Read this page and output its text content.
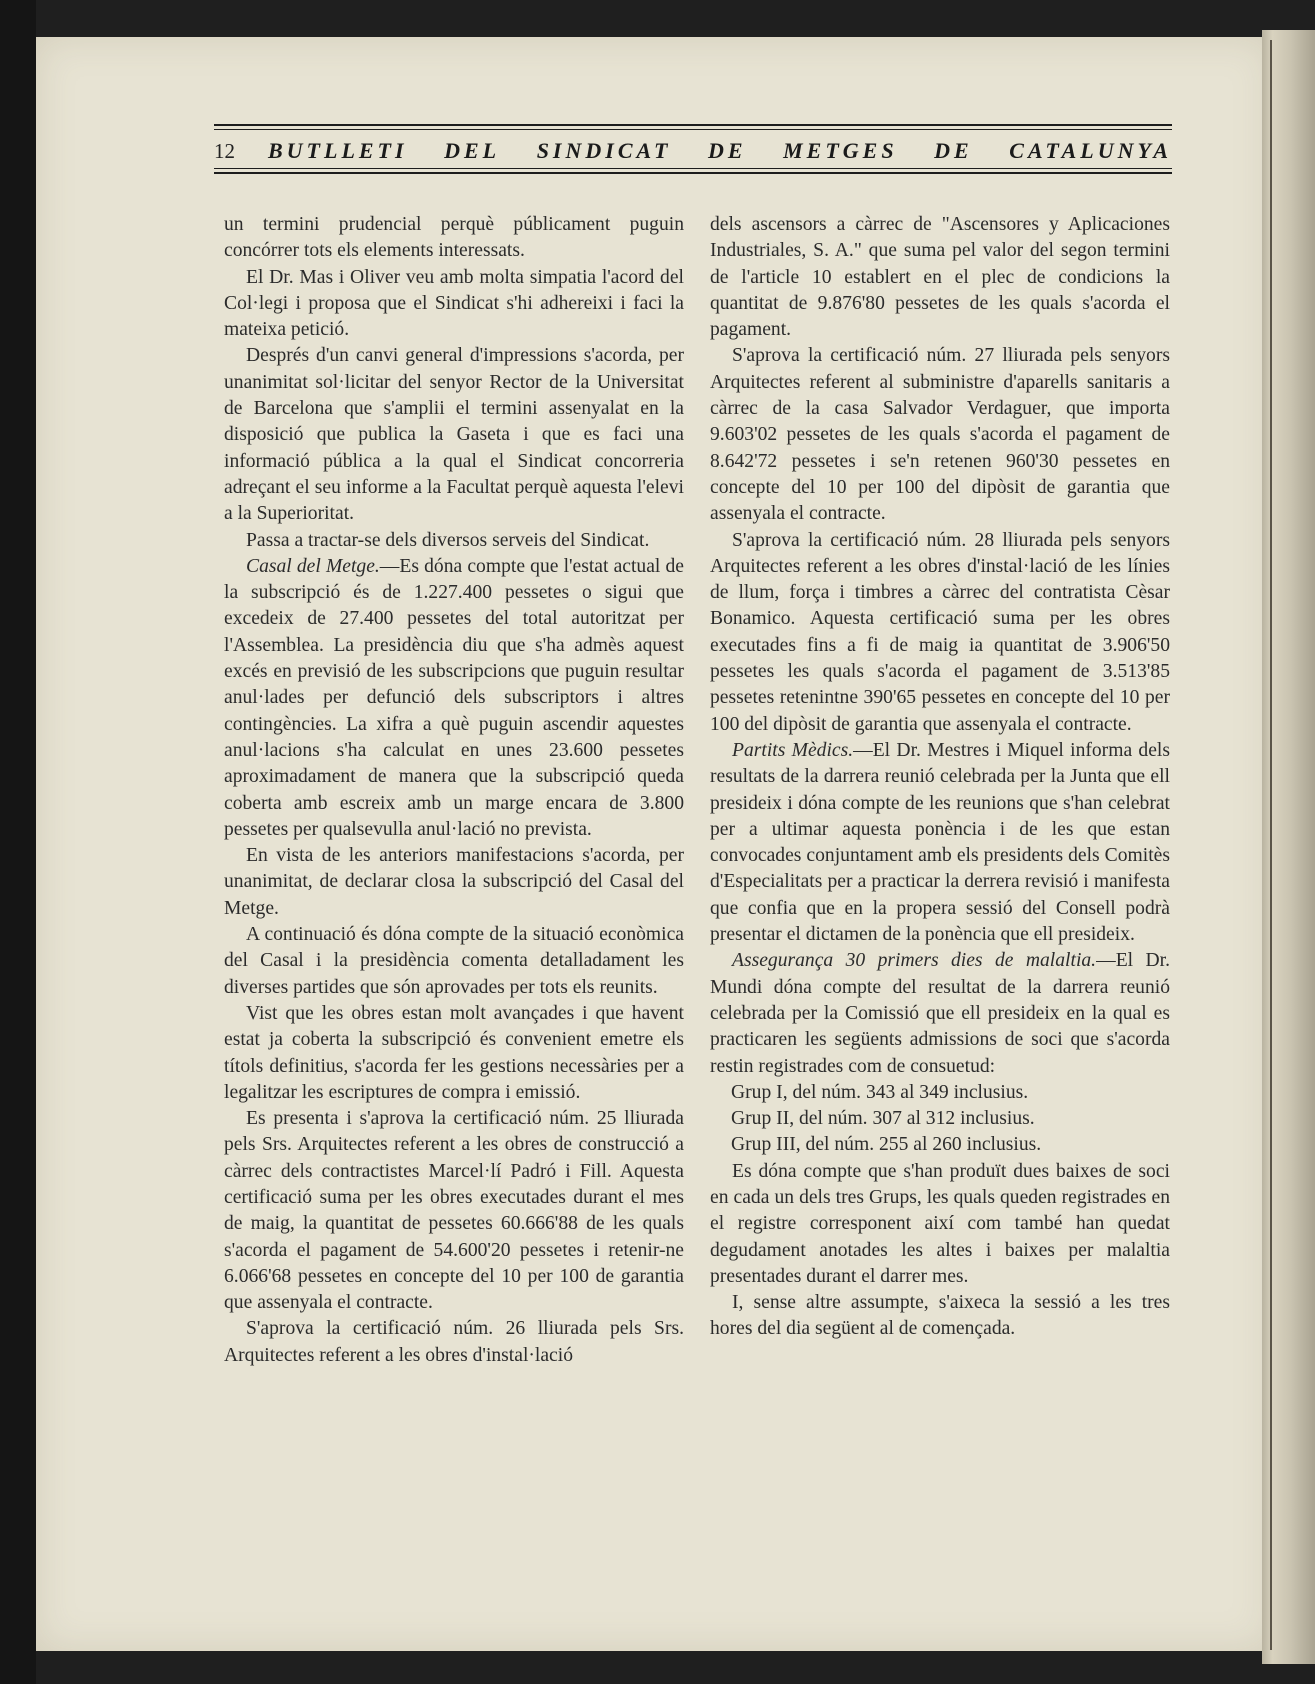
12	BUTLLETI DEL SINDICAT DE METGES DE CATALUNYA

un termini prudencial perquè públicament puguin concórrer tots els elements interessats.

El Dr. Mas i Oliver veu amb molta simpatia l'acord del Col·legi i proposa que el Sindicat s'hi adhereixi i faci la mateixa petició.

Després d'un canvi general d'impressions s'acorda, per unanimitat sol·licitar del senyor Rector de la Universitat de Barcelona que s'amplii el termini assenyalat en la disposició que publica la Gaseta i que es faci una informació pública a la qual el Sindicat concorreria adreçant el seu informe a la Facultat perquè aquesta l'elevi a la Superioritat.

Passa a tractar-se dels diversos serveis del Sindicat.

Casal del Metge.—Es dóna compte que l'estat actual de la subscripció és de 1.227.400 pessetes o sigui que excedeix de 27.400 pessetes del total autoritzat per l'Assemblea. La presidència diu que s'ha admès aquest excés en previsió de les subscripcions que puguin resultar anul·lades per defunció dels subscriptors i altres contingències. La xifra a què puguin ascendir aquestes anul·lacions s'ha calculat en unes 23.600 pessetes aproximadament de manera que la subscripció queda coberta amb escreix amb un marge encara de 3.800 pessetes per qualsevulla anul·lació no prevista.

En vista de les anteriors manifestacions s'acorda, per unanimitat, de declarar closa la subscripció del Casal del Metge.

A continuació és dóna compte de la situació econòmica del Casal i la presidència comenta detalladament les diverses partides que són aprovades per tots els reunits.

Vist que les obres estan molt avançades i que havent estat ja coberta la subscripció és convenient emetre els títols definitius, s'acorda fer les gestions necessàries per a legalitzar les escriptures de compra i emissió.

Es presenta i s'aprova la certificació núm. 25 lliurada pels Srs. Arquitectes referent a les obres de construcció a càrrec dels contractistes Marcel·lí Padró i Fill. Aquesta certificació suma per les obres executades durant el mes de maig, la quantitat de pessetes 60.666'88 de les quals s'acorda el pagament de 54.600'20 pessetes i retenir-ne 6.066'68 pessetes en concepte del 10 per 100 de garantia que assenyala el contracte.

S'aprova la certificació núm. 26 lliurada pels Srs. Arquitectes referent a les obres d'instal·lació

dels ascensors a càrrec de "Ascensores y Aplicaciones Industriales, S. A." que suma pel valor del segon termini de l'article 10 establert en el plec de condicions la quantitat de 9.876'80 pessetes de les quals s'acorda el pagament.

S'aprova la certificació núm. 27 lliurada pels senyors Arquitectes referent al subministre d'aparells sanitaris a càrrec de la casa Salvador Verdaguer, que importa 9.603'02 pessetes de les quals s'acorda el pagament de 8.642'72 pessetes i se'n retenen 960'30 pessetes en concepte del 10 per 100 del dipòsit de garantia que assenyala el contracte.

S'aprova la certificació núm. 28 lliurada pels senyors Arquitectes referent a les obres d'instal·lació de les línies de llum, força i timbres a càrrec del contratista Cèsar Bonamico. Aquesta certificació suma per les obres executades fins a fi de maig ia quantitat de 3.906'50 pessetes les quals s'acorda el pagament de 3.513'85 pessetes retenintne 390'65 pessetes en concepte del 10 per 100 del dipòsit de garantia que assenyala el contracte.

Partits Mèdics.—El Dr. Mestres i Miquel informa dels resultats de la darrera reunió celebrada per la Junta que ell presideix i dóna compte de les reunions que s'han celebrat per a ultimar aquesta ponència i de les que estan convocades conjuntament amb els presidents dels Comitès d'Especialitats per a practicar la derrera revisió i manifesta que confia que en la propera sessió del Consell podrà presentar el dictamen de la ponència que ell presideix.

Assegurança 30 primers dies de malaltia.—El Dr. Mundi dóna compte del resultat de la darrera reunió celebrada per la Comissió que ell presideix en la qual es practicaren les següents admissions de soci que s'acorda restin registrades com de consuetud:

Grup I, del núm. 343 al 349 inclusius.

Grup II, del núm. 307 al 312 inclusius.

Grup III, del núm. 255 al 260 inclusius.

Es dóna compte que s'han produït dues baixes de soci en cada un dels tres Grups, les quals queden registrades en el registre corresponent així com també han quedat degudament anotades les altes i baixes per malaltia presentades durant el darrer mes.

I, sense altre assumpte, s'aixeca la sessió a les tres hores del dia següent al de començada.
